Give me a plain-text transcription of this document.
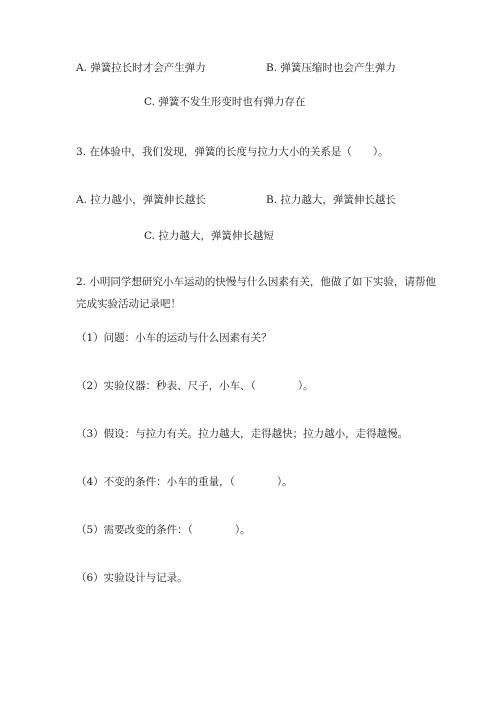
A. 弹簧拉长时才会产生弹力	B. 弹簧压缩时也会产生弹力
C. 弹簧不发生形变时也有弹力存在
3. 在体验中，我们发现，弹簧的长度与拉力大小的关系是（　　）。
A. 拉力越小，弹簧伸长越长	B. 拉力越大，弹簧伸长越长
C. 拉力越大，弹簧伸长越短
2. 小明同学想研究小车运动的快慢与什么因素有关，他做了如下实验，请帮他
完成实验活动记录吧！
（1）问题：小车的运动与什么因素有关？
（2）实验仪器：秒表、尺子，小车、（　　　　）。
（3）假设：与拉力有关。拉力越大，走得越快；拉力越小，走得越慢。
（4）不变的条件：小车的重量，（　　　　）。
（5）需要改变的条件：（　　　　）。
（6）实验设计与记录。
